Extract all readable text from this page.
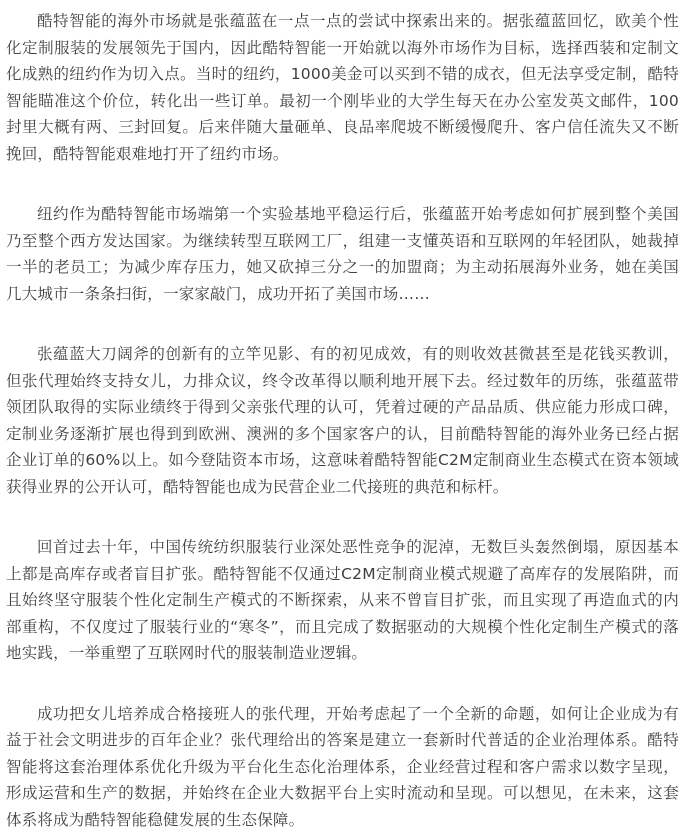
酷特智能的海外市场就是张蕴蓝在一点一点的尝试中探索出来的。据张蕴蓝回忆，欧美个性化定制服装的发展领先于国内，因此酷特智能一开始就以海外市场作为目标，选择西装和定制文化成熟的纽约作为切入点。当时的纽约，1000美金可以买到不错的成衣，但无法享受定制，酷特智能瞄准这个价位，转化出一些订单。最初一个刚毕业的大学生每天在办公室发英文邮件，100封里大概有两、三封回复。后来伴随大量砸单、良品率爬坡不断缓慢爬升、客户信任流失又不断挽回，酷特智能艰难地打开了纽约市场。

纽约作为酷特智能市场端第一个实验基地平稳运行后，张蕴蓝开始考虑如何扩展到整个美国乃至整个西方发达国家。为继续转型互联网工厂，组建一支懂英语和互联网的年轻团队，她裁掉一半的老员工；为减少库存压力，她又砍掉三分之一的加盟商；为主动拓展海外业务，她在美国几大城市一条条扫街，一家家敲门，成功开拓了美国市场……

张蕴蓝大刀阔斧的创新有的立竿见影、有的初见成效，有的则收效甚微甚至是花钱买教训，但张代理始终支持女儿，力排众议，终令改革得以顺利地开展下去。经过数年的历练，张蕴蓝带领团队取得的实际业绩终于得到父亲张代理的认可，凭着过硬的产品品质、供应能力形成口碑，定制业务逐渐扩展也得到到欧洲、澳洲的多个国家客户的认，目前酷特智能的海外业务已经占据企业订单的60%以上。如今登陆资本市场，这意味着酷特智能C2M定制商业生态模式在资本领域获得业界的公开认可，酷特智能也成为民营企业二代接班的典范和标杆。

回首过去十年，中国传统纺织服装行业深处恶性竞争的泥淖，无数巨头轰然倒塌，原因基本上都是高库存或者盲目扩张。酷特智能不仅通过C2M定制商业模式规避了高库存的发展陷阱，而且始终坚守服装个性化定制生产模式的不断探索，从来不曾盲目扩张，而且实现了再造血式的内部重构，不仅度过了服装行业的“寒冬”，而且完成了数据驱动的大规模个性化定制生产模式的落地实践，一举重塑了互联网时代的服装制造业逻辑。

成功把女儿培养成合格接班人的张代理，开始考虑起了一个全新的命题，如何让企业成为有益于社会文明进步的百年企业？张代理给出的答案是建立一套新时代普适的企业治理体系。酷特智能将这套治理体系优化升级为平台化生态化治理体系，企业经营过程和客户需求以数字呈现，形成运营和生产的数据，并始终在企业大数据平台上实时流动和呈现。可以想见，在未来，这套体系将成为酷特智能稳健发展的生态保障。
